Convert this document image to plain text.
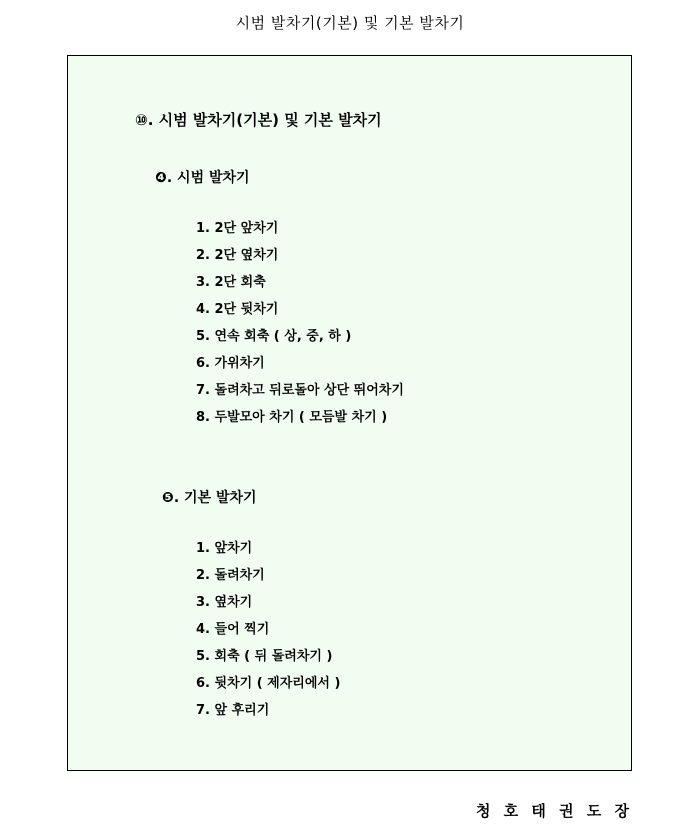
시범 발차기(기본) 및 기본 발차기
⑩. 시범 발차기(기본) 및 기본 발차기
❹. 시범 발차기
1. 2단 앞차기
2. 2단 옆차기
3. 2단 회축
4. 2단 뒷차기
5. 연속 회축 ( 상, 중, 하 )
6. 가위차기
7. 돌려차고 뒤로돌아 상단 뛰어차기
8. 두발모아 차기 ( 모듬발 차기 )
❺. 기본 발차기
1. 앞차기
2. 돌려차기
3. 옆차기
4. 들어 찍기
5. 회축 ( 뒤 돌려차기 )
6. 뒷차기 ( 제자리에서 )
7. 앞 후리기
청 호 태 권 도 장
